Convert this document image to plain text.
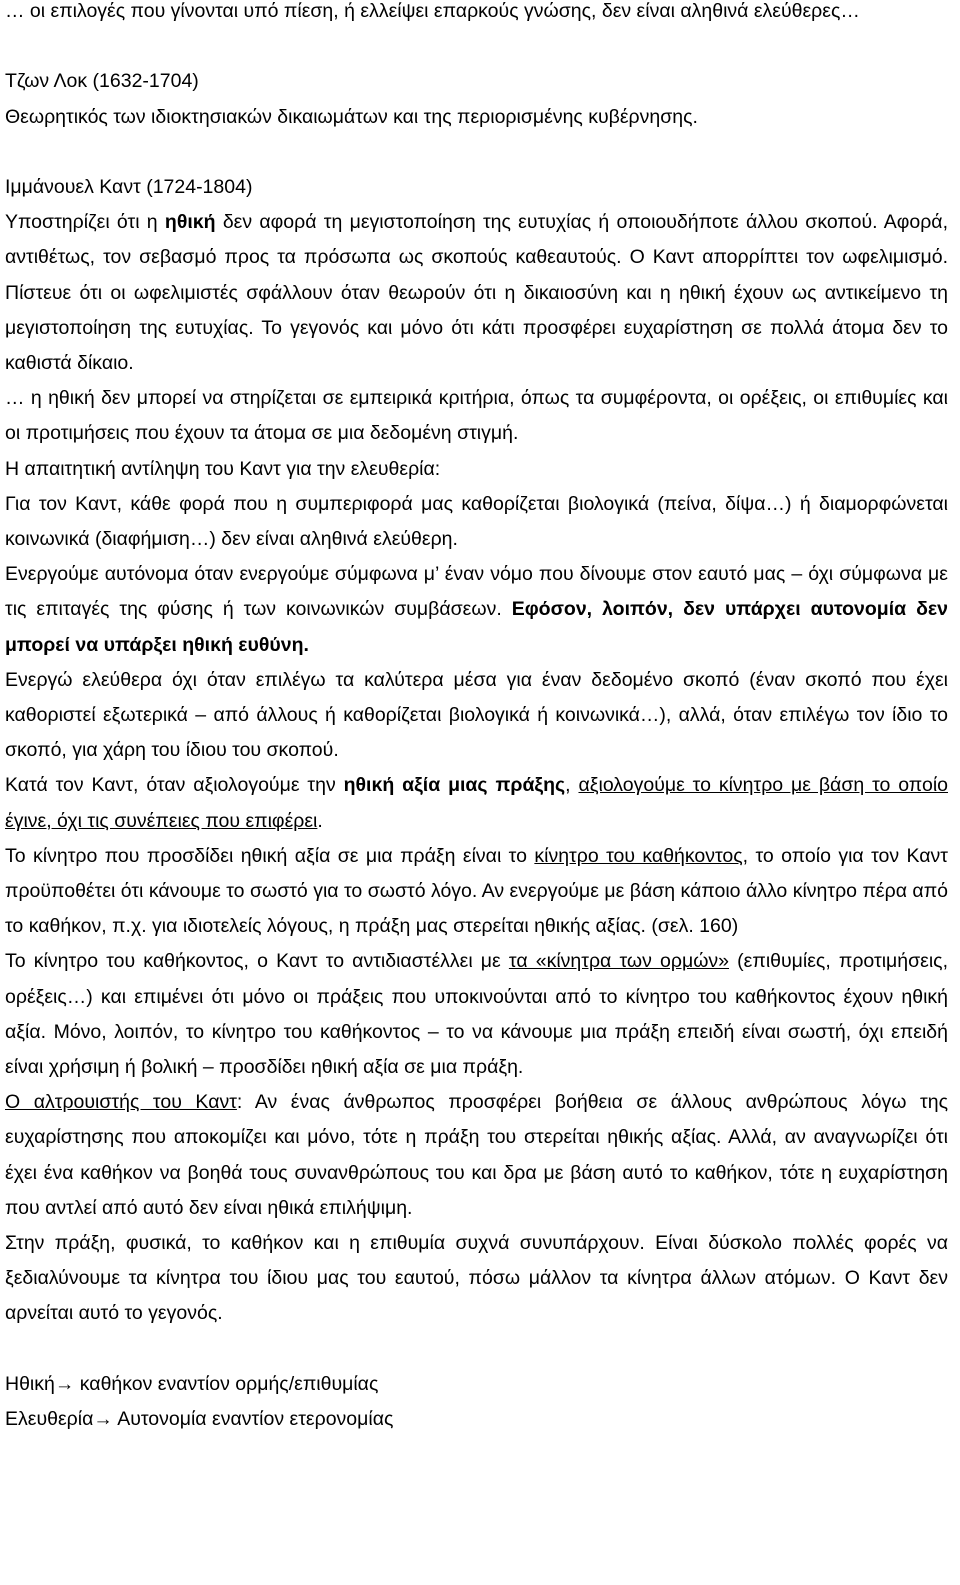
… οι επιλογές που γίνονται υπό πίεση, ή ελλείψει επαρκούς γνώσης, δεν είναι αληθινά ελεύθερες…

Τζων Λοκ (1632-1704)

Θεωρητικός των ιδιοκτησιακών δικαιωμάτων και της περιορισμένης κυβέρνησης.

Ιμμάνουελ Καντ (1724-1804)

Υποστηρίζει ότι η ηθική δεν αφορά τη μεγιστοποίηση της ευτυχίας ή οποιουδήποτε άλλου σκοπού. Αφορά, αντιθέτως, τον σεβασμό προς τα πρόσωπα ως σκοπούς καθεαυτούς. Ο Καντ απορρίπτει τον ωφελιμισμό. Πίστευε ότι οι ωφελιμιστές σφάλλουν όταν θεωρούν ότι η δικαιοσύνη και η ηθική έχουν ως αντικείμενο τη μεγιστοποίηση της ευτυχίας. Το γεγονός και μόνο ότι κάτι προσφέρει ευχαρίστηση σε πολλά άτομα δεν το καθιστά δίκαιο.

… η ηθική δεν μπορεί να στηρίζεται σε εμπειρικά κριτήρια, όπως τα συμφέροντα, οι ορέξεις, οι επιθυμίες και οι προτιμήσεις που έχουν τα άτομα σε μια δεδομένη στιγμή.

Η απαιτητική αντίληψη του Καντ για την ελευθερία:

Για τον Καντ, κάθε φορά που η συμπεριφορά μας καθορίζεται βιολογικά (πείνα, δίψα…) ή διαμορφώνεται κοινωνικά (διαφήμιση…) δεν είναι αληθινά ελεύθερη.

Ενεργούμε αυτόνομα όταν ενεργούμε σύμφωνα μ’ έναν νόμο που δίνουμε στον εαυτό μας – όχι σύμφωνα με τις επιταγές της φύσης ή των κοινωνικών συμβάσεων. Εφόσον, λοιπόν, δεν υπάρχει αυτονομία δεν μπορεί να υπάρξει ηθική ευθύνη.

Ενεργώ ελεύθερα όχι όταν επιλέγω τα καλύτερα μέσα για έναν δεδομένο σκοπό (έναν σκοπό που έχει καθοριστεί εξωτερικά – από άλλους ή καθορίζεται βιολογικά ή κοινωνικά…), αλλά, όταν επιλέγω τον ίδιο το σκοπό, για χάρη του ίδιου του σκοπού.

Κατά τον Καντ, όταν αξιολογούμε την ηθική αξία μιας πράξης, αξιολογούμε το κίνητρο με βάση το οποίο έγινε, όχι τις συνέπειες που επιφέρει.

Το κίνητρο που προσδίδει ηθική αξία σε μια πράξη είναι το κίνητρο του καθήκοντος, το οποίο για τον Καντ προϋποθέτει ότι κάνουμε το σωστό για το σωστό λόγο. Αν ενεργούμε με βάση κάποιο άλλο κίνητρο πέρα από το καθήκον, π.χ. για ιδιοτελείς λόγους, η πράξη μας στερείται ηθικής αξίας. (σελ. 160)

Το κίνητρο του καθήκοντος, ο Καντ το αντιδιαστέλλει με τα «κίνητρα των ορμών» (επιθυμίες, προτιμήσεις, ορέξεις…) και επιμένει ότι μόνο οι πράξεις που υποκινούνται από το κίνητρο του καθήκοντος έχουν ηθική αξία. Μόνο, λοιπόν, το κίνητρο του καθήκοντος – το να κάνουμε μια πράξη επειδή είναι σωστή, όχι επειδή είναι χρήσιμη ή βολική – προσδίδει ηθική αξία σε μια πράξη.

Ο αλτρουιστής του Καντ: Αν ένας άνθρωπος προσφέρει βοήθεια σε άλλους ανθρώπους λόγω της ευχαρίστησης που αποκομίζει και μόνο, τότε η πράξη του στερείται ηθικής αξίας. Αλλά, αν αναγνωρίζει ότι έχει ένα καθήκον να βοηθά τους συνανθρώπους του και δρα με βάση αυτό το καθήκον, τότε η ευχαρίστηση που αντλεί από αυτό δεν είναι ηθικά επιλήψιμη.

Στην πράξη, φυσικά, το καθήκον και η επιθυμία συχνά συνυπάρχουν. Είναι δύσκολο πολλές φορές να ξεδιαλύνουμε τα κίνητρα του ίδιου μας του εαυτού, πόσω μάλλον τα κίνητρα άλλων ατόμων. Ο Καντ δεν αρνείται αυτό το γεγονός.

Ηθική→ καθήκον εναντίον ορμής/επιθυμίας

Ελευθερία→ Αυτονομία εναντίον ετερονομίας
